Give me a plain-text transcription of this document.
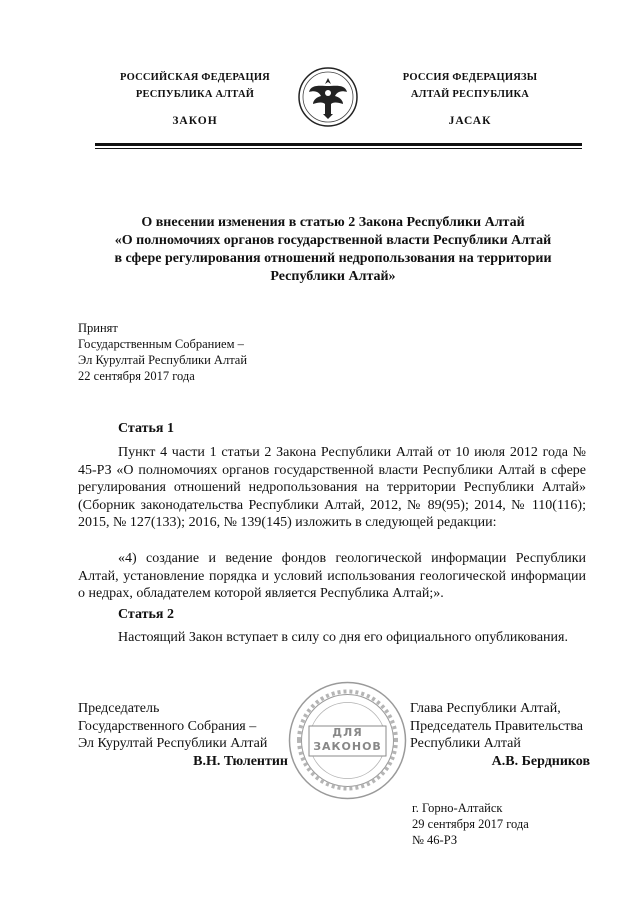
РОССИЙСКАЯ ФЕДЕРАЦИЯ
РЕСПУБЛИКА АЛТАЙ
ЗАКОН
РОССИЯ ФЕДЕРАЦИЯЗЫ
АЛТАЙ РЕСПУБЛИКА
JАСАК
О внесении изменения в статью 2 Закона Республики Алтай
«О полномочиях органов государственной власти Республики Алтай
в сфере регулирования отношений недропользования на территории
Республики Алтай»
Принят
Государственным Собранием –
Эл Курултай Республики Алтай
22 сентября 2017 года
Статья 1
Пункт 4 части 1 статьи 2 Закона Республики Алтай от 10 июля 2012 года № 45-РЗ «О полномочиях органов государственной власти Республики Алтай в сфере регулирования отношений недропользования на территории Республики Алтай» (Сборник законодательства Республики Алтай, 2012, № 89(95); 2014, № 110(116); 2015, № 127(133); 2016, № 139(145) изложить в следующей редакции:
«4) создание и ведение фондов геологической информации Республики Алтай, установление порядка и условий использования геологической информации о недрах, обладателем которой является Республика Алтай;».
Статья 2
Настоящий Закон вступает в силу со дня его официального опубликования.
Председатель
Государственного Собрания –
Эл Курултай Республики Алтай
В.Н. Тюлентин
ДЛЯ
ЗАКОНОВ
Глава Республики Алтай,
Председатель Правительства
Республики Алтай
А.В. Бердников
г. Горно-Алтайск
29 сентября 2017 года
№ 46-РЗ
